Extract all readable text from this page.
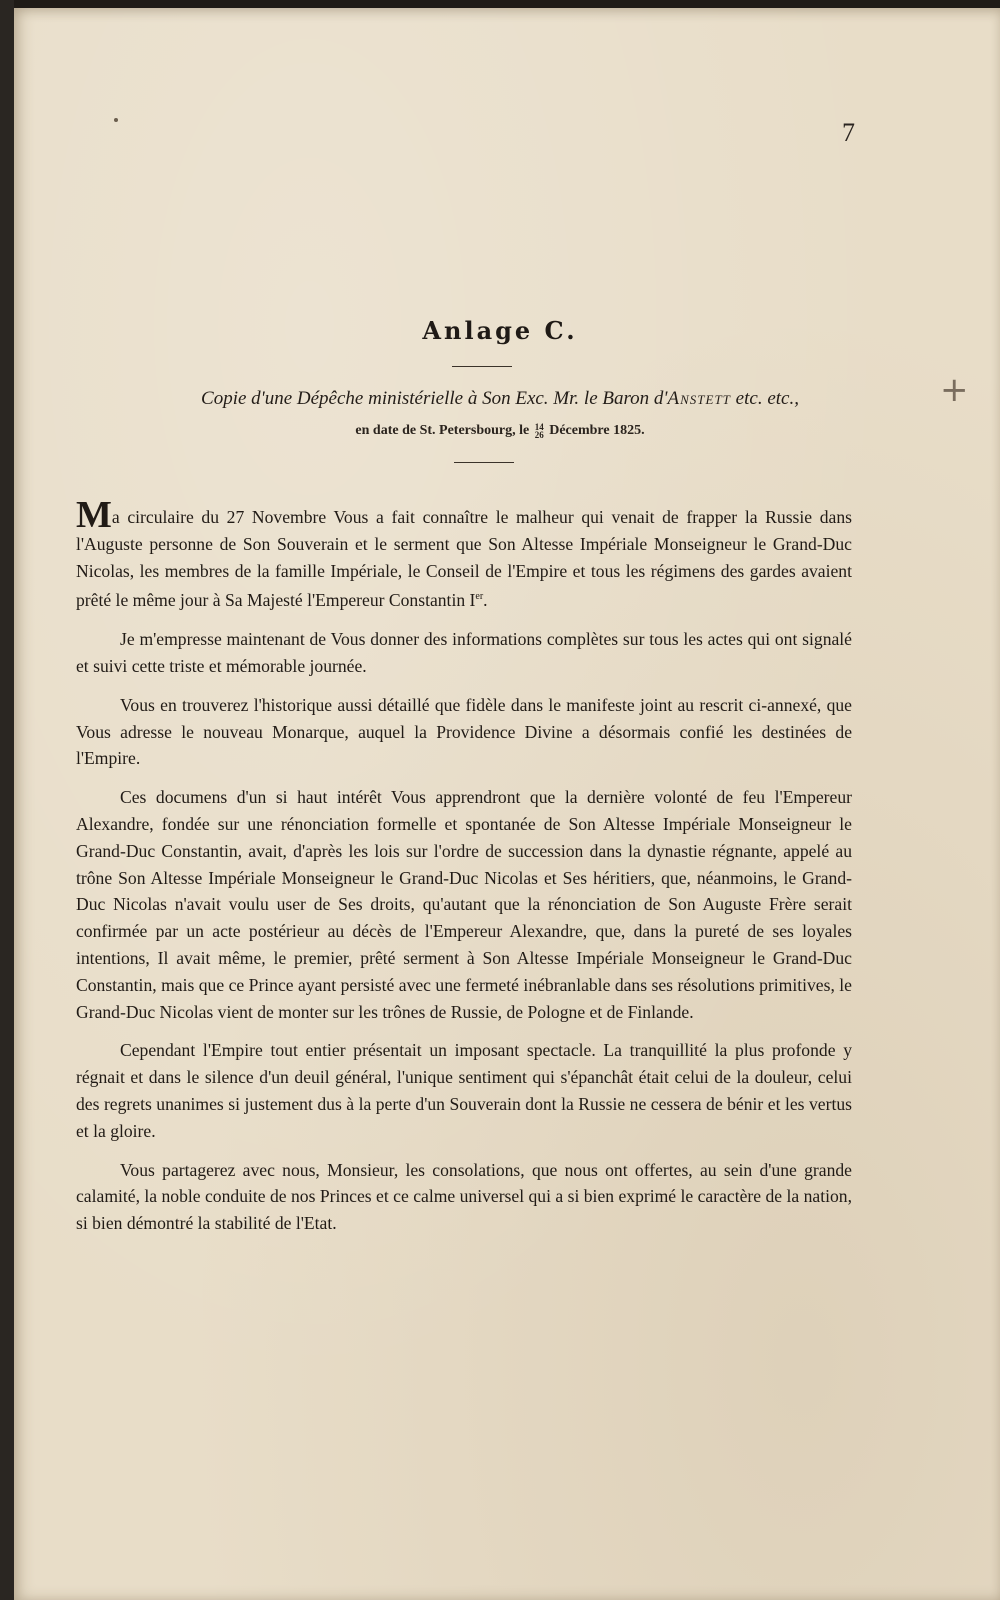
7
+
Anlage C.
Copie d'une Dépêche ministérielle à Son Exc. Mr. le Baron d'Anstett etc. etc.,
en date de St. Petersbourg, le 14
26 Décembre 1825.

Ma circulaire du 27 Novembre Vous a fait connaître le malheur qui venait de frapper la Russie dans l'Auguste personne de Son Souverain et le serment que Son Altesse Impériale Monseigneur le Grand-Duc Nicolas, les membres de la famille Impériale, le Conseil de l'Empire et tous les régimens des gardes avaient prêté le même jour à Sa Majesté l'Empereur Constantin Ier.

Je m'empresse maintenant de Vous donner des informations complètes sur tous les actes qui ont signalé et suivi cette triste et mémorable journée.

Vous en trouverez l'historique aussi détaillé que fidèle dans le manifeste joint au rescrit ci-annexé, que Vous adresse le nouveau Monarque, auquel la Providence Divine a désormais confié les destinées de l'Empire.

Ces documens d'un si haut intérêt Vous apprendront que la dernière volonté de feu l'Empereur Alexandre, fondée sur une rénonciation formelle et spontanée de Son Altesse Impériale Monseigneur le Grand-Duc Constantin, avait, d'après les lois sur l'ordre de succession dans la dynastie régnante, appelé au trône Son Altesse Impériale Monseigneur le Grand-Duc Nicolas et Ses héritiers, que, néanmoins, le Grand-Duc Nicolas n'avait voulu user de Ses droits, qu'autant que la rénonciation de Son Auguste Frère serait confirmée par un acte postérieur au décès de l'Empereur Alexandre, que, dans la pureté de ses loyales intentions, Il avait même, le premier, prêté serment à Son Altesse Impériale Monseigneur le Grand-Duc Constantin, mais que ce Prince ayant persisté avec une fermeté inébranlable dans ses résolutions primitives, le Grand-Duc Nicolas vient de monter sur les trônes de Russie, de Pologne et de Finlande.

Cependant l'Empire tout entier présentait un imposant spectacle. La tranquillité la plus profonde y régnait et dans le silence d'un deuil général, l'unique sentiment qui s'épanchât était celui de la douleur, celui des regrets unanimes si justement dus à la perte d'un Souverain dont la Russie ne cessera de bénir et les vertus et la gloire.

Vous partagerez avec nous, Monsieur, les consolations, que nous ont offertes, au sein d'une grande calamité, la noble conduite de nos Princes et ce calme universel qui a si bien exprimé le caractère de la nation, si bien démontré la stabilité de l'Etat.
